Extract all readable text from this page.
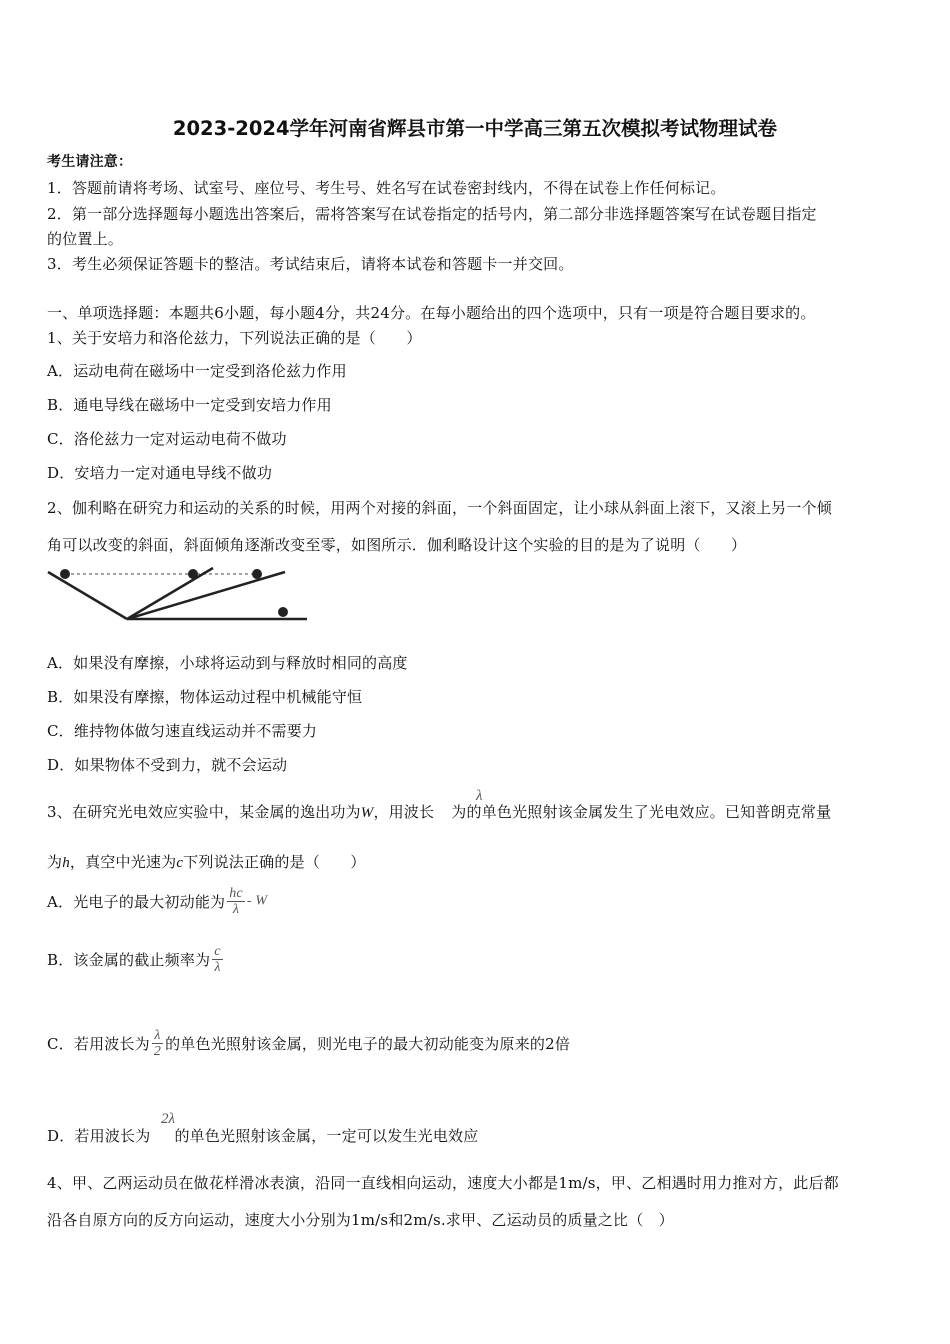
2023-2024学年河南省辉县市第一中学高三第五次模拟考试物理试卷
考生请注意：
1．答题前请将考场、试室号、座位号、考生号、姓名写在试卷密封线内，不得在试卷上作任何标记。
2．第一部分选择题每小题选出答案后，需将答案写在试卷指定的括号内，第二部分非选择题答案写在试卷题目指定
的位置上。
3．考生必须保证答题卡的整洁。考试结束后，请将本试卷和答题卡一并交回。
一、单项选择题：本题共6小题，每小题4分，共24分。在每小题给出的四个选项中，只有一项是符合题目要求的。
1、关于安培力和洛伦兹力，下列说法正确的是（　　）
A．运动电荷在磁场中一定受到洛伦兹力作用
B．通电导线在磁场中一定受到安培力作用
C．洛伦兹力一定对运动电荷不做功
D．安培力一定对通电导线不做功
2、伽利略在研究力和运动的关系的时候，用两个对接的斜面，一个斜面固定，让小球从斜面上滚下，又滚上另一个倾
角可以改变的斜面，斜面倾角逐渐改变至零，如图所示．伽利略设计这个实验的目的是为了说明（　　）
A．如果没有摩擦，小球将运动到与释放时相同的高度
B．如果没有摩擦，物体运动过程中机械能守恒
C．维持物体做匀速直线运动并不需要力
D．如果物体不受到力，就不会运动
λ
3、在研究光电效应实验中，某金属的逸出功为W，用波长 为的单色光照射该金属发生了光电效应。已知普朗克常量
为h，真空中光速为c下列说法正确的是（　　）
A．光电子的最大初动能为 $\frac{hc}{\lambda}$ - W
B．该金属的截止频率为 $\frac{c}{\lambda}$
C．若用波长为 $\frac{\lambda}{2}$ 的单色光照射该金属，则光电子的最大初动能变为原来的2倍
2λ
D．若用波长为 的单色光照射该金属，一定可以发生光电效应
4、甲、乙两运动员在做花样滑冰表演，沿同一直线相向运动，速度大小都是1m/s，甲、乙相遇时用力推对方，此后都
沿各自原方向的反方向运动，速度大小分别为1m/s和2m/s.求甲、乙运动员的质量之比（　）
